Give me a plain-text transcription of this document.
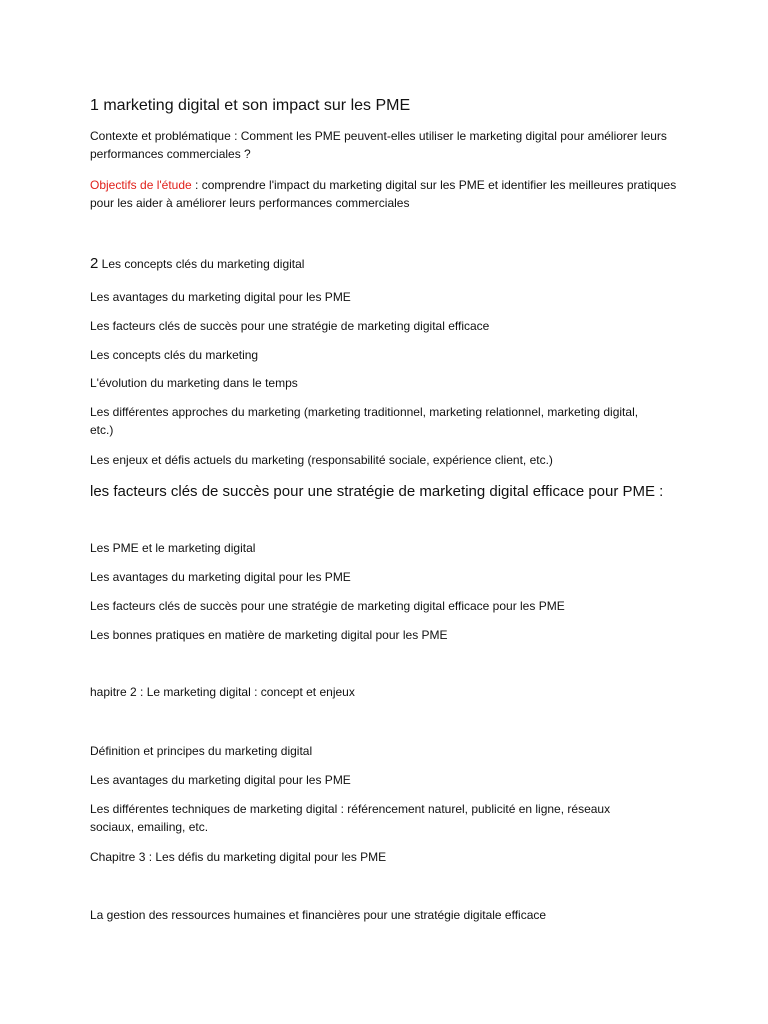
1 marketing digital et son impact sur les PME
Contexte et problématique : Comment les PME peuvent-elles utiliser le marketing digital pour améliorer leurs performances commerciales ?
Objectifs de l'étude : comprendre l'impact du marketing digital sur les PME et identifier les meilleures pratiques pour les aider à améliorer leurs performances commerciales
2 Les concepts clés du marketing digital
Les avantages du marketing digital pour les PME
Les facteurs clés de succès pour une stratégie de marketing digital efficace
Les concepts clés du marketing
L'évolution du marketing dans le temps
Les différentes approches du marketing (marketing traditionnel, marketing relationnel, marketing digital, etc.)
Les enjeux et défis actuels du marketing (responsabilité sociale, expérience client, etc.)
les facteurs clés de succès pour une stratégie de marketing digital efficace pour PME :
Les PME et le marketing digital
Les avantages du marketing digital pour les PME
Les facteurs clés de succès pour une stratégie de marketing digital efficace pour les PME
Les bonnes pratiques en matière de marketing digital pour les PME
hapitre 2 : Le marketing digital : concept et enjeux
Définition et principes du marketing digital
Les avantages du marketing digital pour les PME
Les différentes techniques de marketing digital : référencement naturel, publicité en ligne, réseaux sociaux, emailing, etc.
Chapitre 3 : Les défis du marketing digital pour les PME
La gestion des ressources humaines et financières pour une stratégie digitale efficace
